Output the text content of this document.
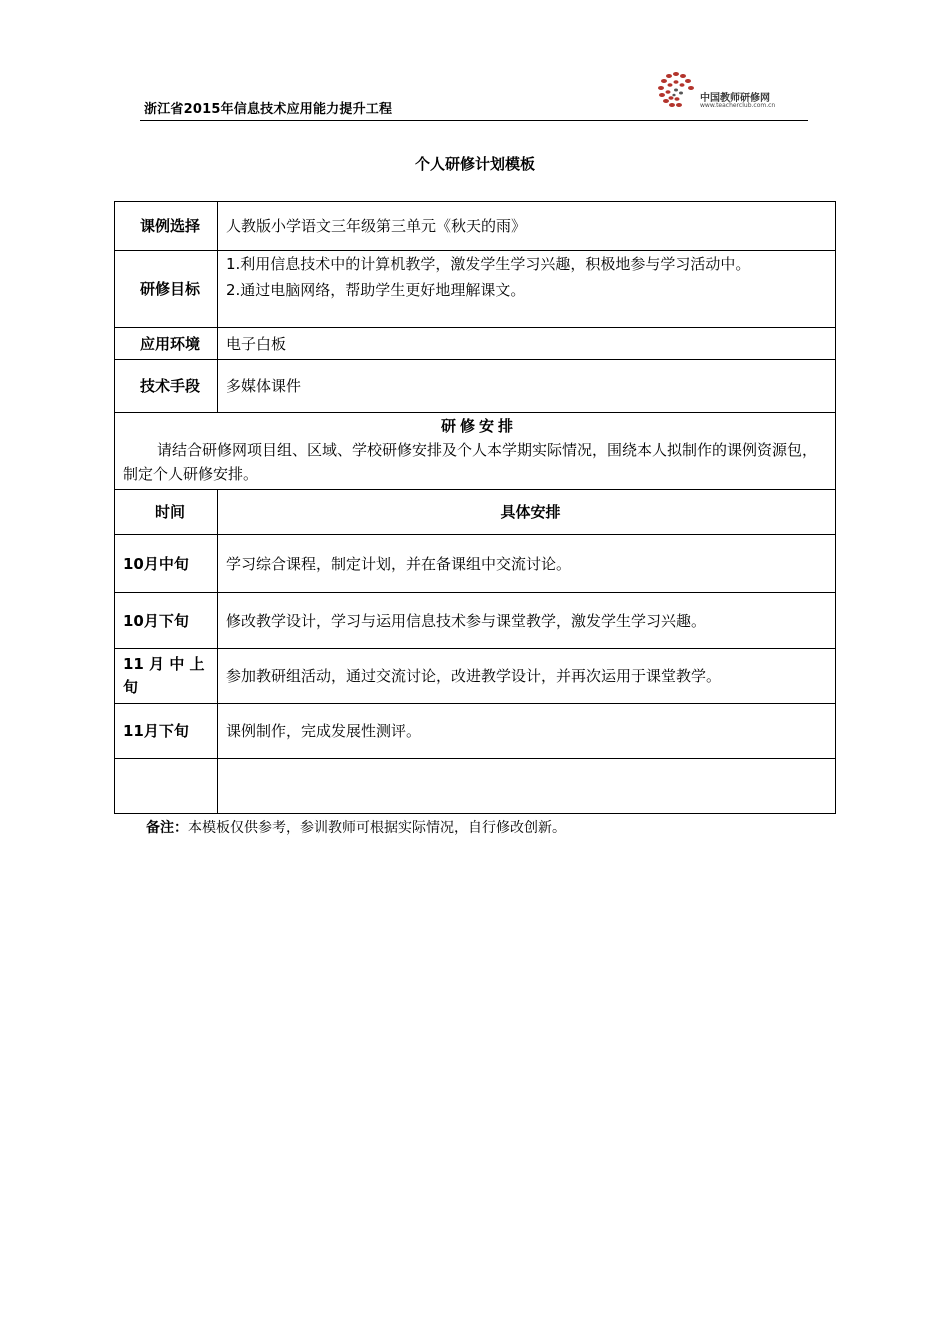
浙江省2015年信息技术应用能力提升工程
中国教师研修网
www.teacherclub.com.cn
个人研修计划模板
课例选择	人教版小学语文三年级第三单元《秋天的雨》
研修目标	1.利用信息技术中的计算机教学，激发学生学习兴趣，积极地参与学习活动中。
2.通过电脑网络，帮助学生更好地理解课文。

应用环境	电子白板
技术手段	多媒体课件

研修安排
请结合研修网项目组、区域、学校研修安排及个人本学期实际情况，围绕本人拟制作的课例资源包，制定个人研修安排。	

时间	具体安排
10月中旬	学习综合课程，制定计划，并在备课组中交流讨论。
10月下旬	修改教学设计，学习与运用信息技术参与课堂教学，激发学生学习兴趣。
11 月 中 上 旬	参加教研组活动，通过交流讨论，改进教学设计，并再次运用于课堂教学。
11月下旬	课例制作，完成发展性测评。

备注：本模板仅供参考，参训教师可根据实际情况，自行修改创新。
